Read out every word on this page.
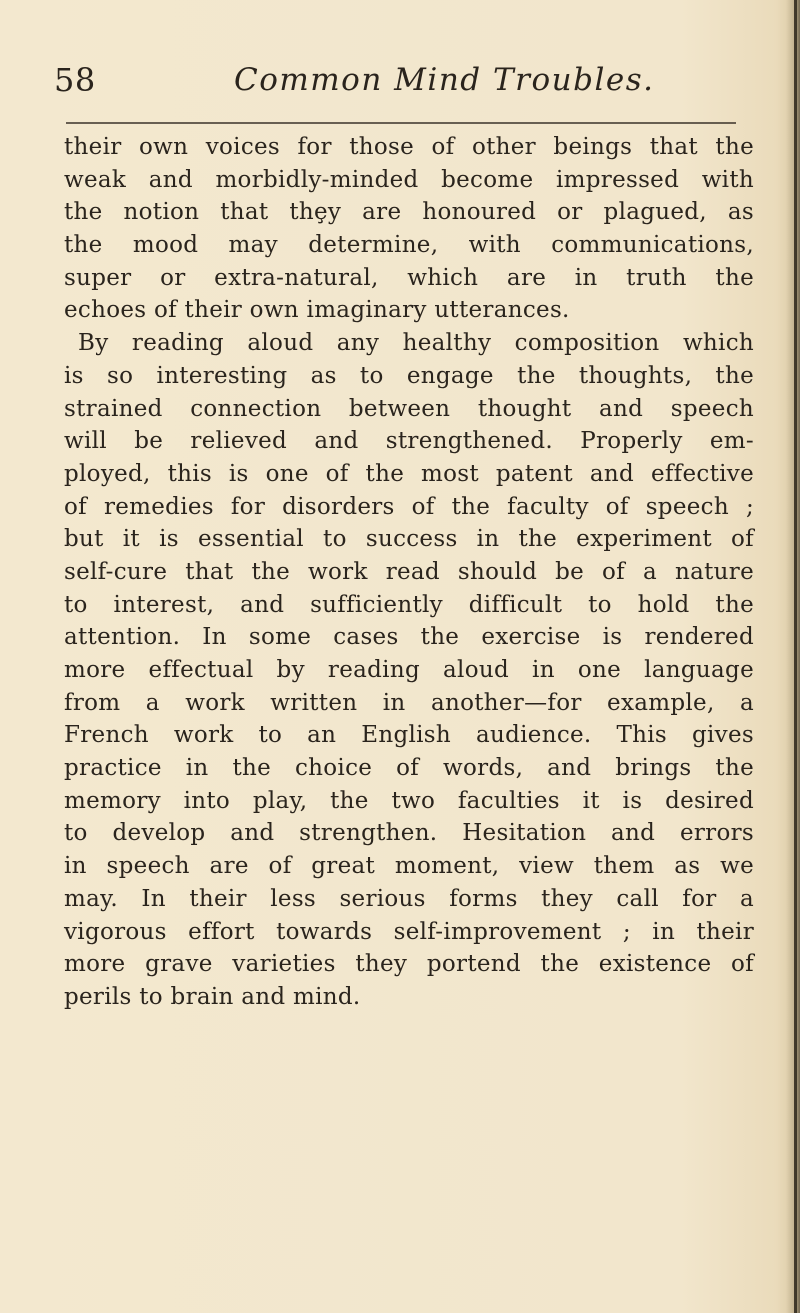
58	Common Mind Troubles.
their own voices for those of other beings that the
weak and morbidly-minded become impressed with
the notion that thȩy are honoured or plagued, as
the mood may determine, with communications,
super or extra-natural, which are in truth the
echoes of their own imaginary utterances.
By reading aloud any healthy composition which
is so interesting as to engage the thoughts, the
strained connection between thought and speech
will be relieved and strengthened. Properly em-
ployed, this is one of the most patent and effective
of remedies for disorders of the faculty of speech ;
but it is essential to success in the experiment of
self-cure that the work read should be of a nature
to interest, and sufficiently difficult to hold the
attention. In some cases the exercise is rendered
more effectual by reading aloud in one language
from a work written in another—for example, a
French work to an English audience. This gives
practice in the choice of words, and brings the
memory into play, the two faculties it is desired
to develop and strengthen. Hesitation and errors
in speech are of great moment, view them as we
may. In their less serious forms they call for a
vigorous effort towards self-improvement ; in their
more grave varieties they portend the existence of
perils to brain and mind.
